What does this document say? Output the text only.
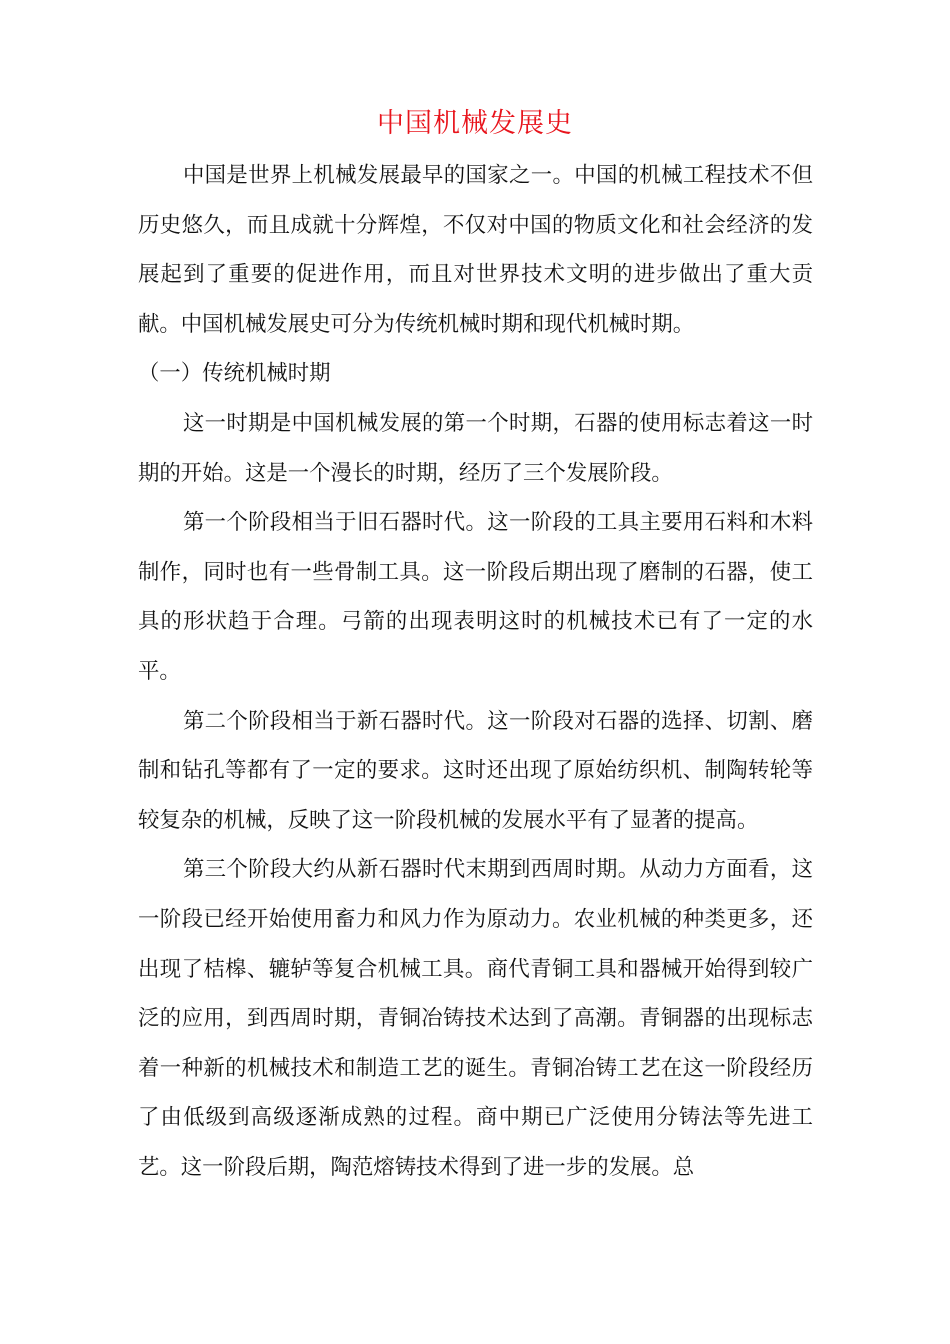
中国机械发展史

中国是世界上机械发展最早的国家之一。中国的机械工程技术不但历史悠久，而且成就十分辉煌，不仅对中国的物质文化和社会经济的发展起到了重要的促进作用，而且对世界技术文明的进步做出了重大贡献。中国机械发展史可分为传统机械时期和现代机械时期。

（一）传统机械时期

这一时期是中国机械发展的第一个时期，石器的使用标志着这一时期的开始。这是一个漫长的时期，经历了三个发展阶段。

第一个阶段相当于旧石器时代。这一阶段的工具主要用石料和木料制作，同时也有一些骨制工具。这一阶段后期出现了磨制的石器，使工具的形状趋于合理。弓箭的出现表明这时的机械技术已有了一定的水平。

第二个阶段相当于新石器时代。这一阶段对石器的选择、切割、磨制和钻孔等都有了一定的要求。这时还出现了原始纺织机、制陶转轮等较复杂的机械，反映了这一阶段机械的发展水平有了显著的提高。

第三个阶段大约从新石器时代末期到西周时期。从动力方面看，这一阶段已经开始使用畜力和风力作为原动力。农业机械的种类更多，还出现了桔槔、辘轳等复合机械工具。商代青铜工具和器械开始得到较广泛的应用，到西周时期，青铜冶铸技术达到了高潮。青铜器的出现标志着一种新的机械技术和制造工艺的诞生。青铜冶铸工艺在这一阶段经历了由低级到高级逐渐成熟的过程。商中期已广泛使用分铸法等先进工艺。这一阶段后期，陶范熔铸技术得到了进一步的发展。总
